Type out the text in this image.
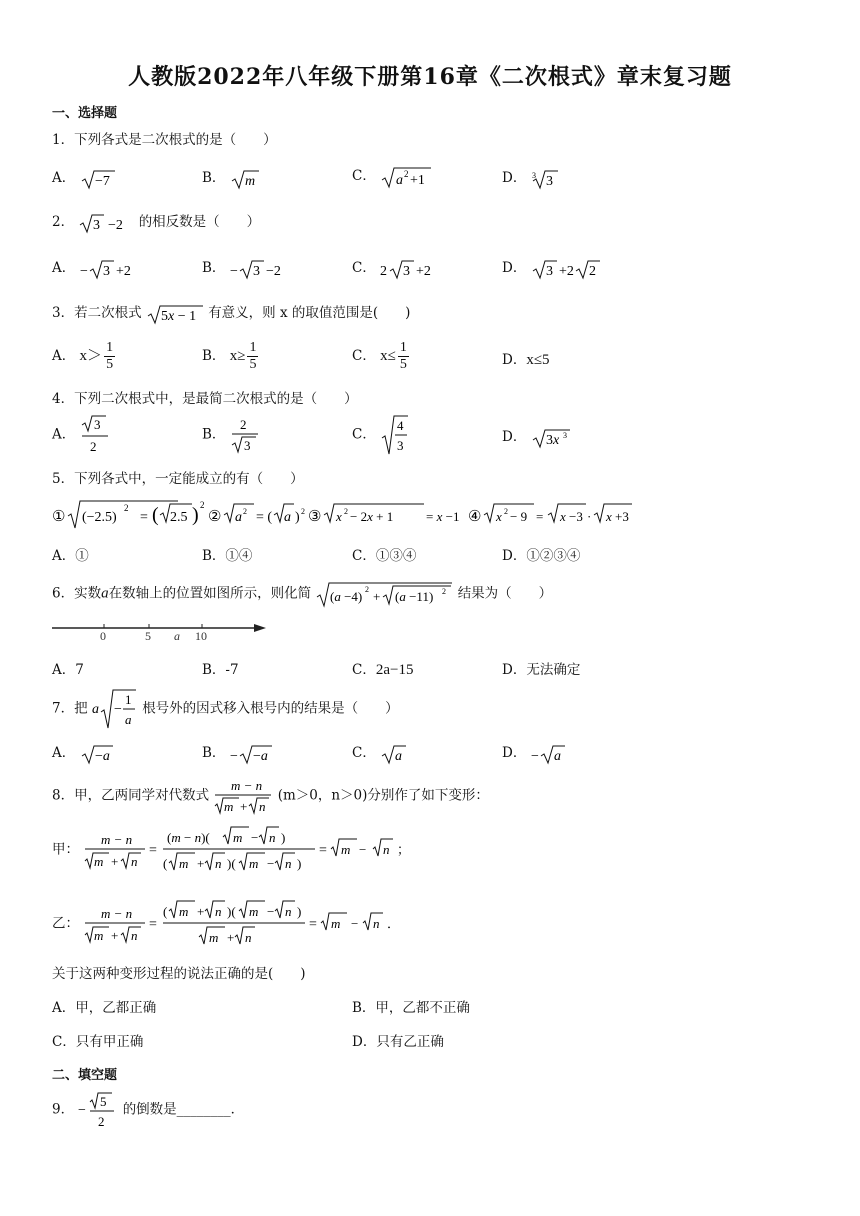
人教版2022年八年级下册第16章《二次根式》章末复习题
一、选择题
1．下列各式是二次根式的是（　　）
A． −7	B． m	C． a 2 +1	D． 3 3
2． 3 −2 的相反数是（　　）
A． − 3 +2	B． − 3 −2	C． 2 3 +2	D． 3 +2 2
3．若二次根式 5x − 1 有意义，则 x 的取值范围是(　　)
A． $x> \frac{1}{5}$	B． $x\ge \frac{1}{5}$	C． $x\le \frac{1}{5}$	D．x≤5
4．下列二次根式中，是最简二次根式的是（　　）
A．
3
2
B．
2
3
C．
4
3
D． 3x 3
5．下列各式中，一定能成立的有（　　）
① (−2.5)
2
= ( 2.5 ) 2
② a 2 = ( a ) 2 ③ x 2 − 2x + 1	= x −1 ④ x 2 − 9 = x −3 · x +3
A．①	B．①④	C．①③④	D．①②③④
6．实数a在数轴上的位置如图所示，则化简 (a −4) 2 + (a −11) 2 结果为（　　）
0	5 a 10
A．7	B．-7	C．2a−15	D．无法确定
7．把 a −
1
a
根号外的因式移入根号内的结果是（　　）
A． −a	B． − −a	C． a	D． − a
8．甲，乙两同学对代数式
m − n
m + n
(m＞0，n＞0)分别作了如下变形：
甲：
m − n
m + n
=
(m − n)( m − n )
( m + n )( m − n )
= m − n ；
乙：
m − n
m + n
=
( m + n )( m − n )
m + n
= m − n ．
关于这两种变形过程的说法正确的是(　　)
A．甲，乙都正确	B．甲，乙都不正确
C．只有甲正确	D．只有乙正确
二、填空题
9． −
5
2
的倒数是________．
